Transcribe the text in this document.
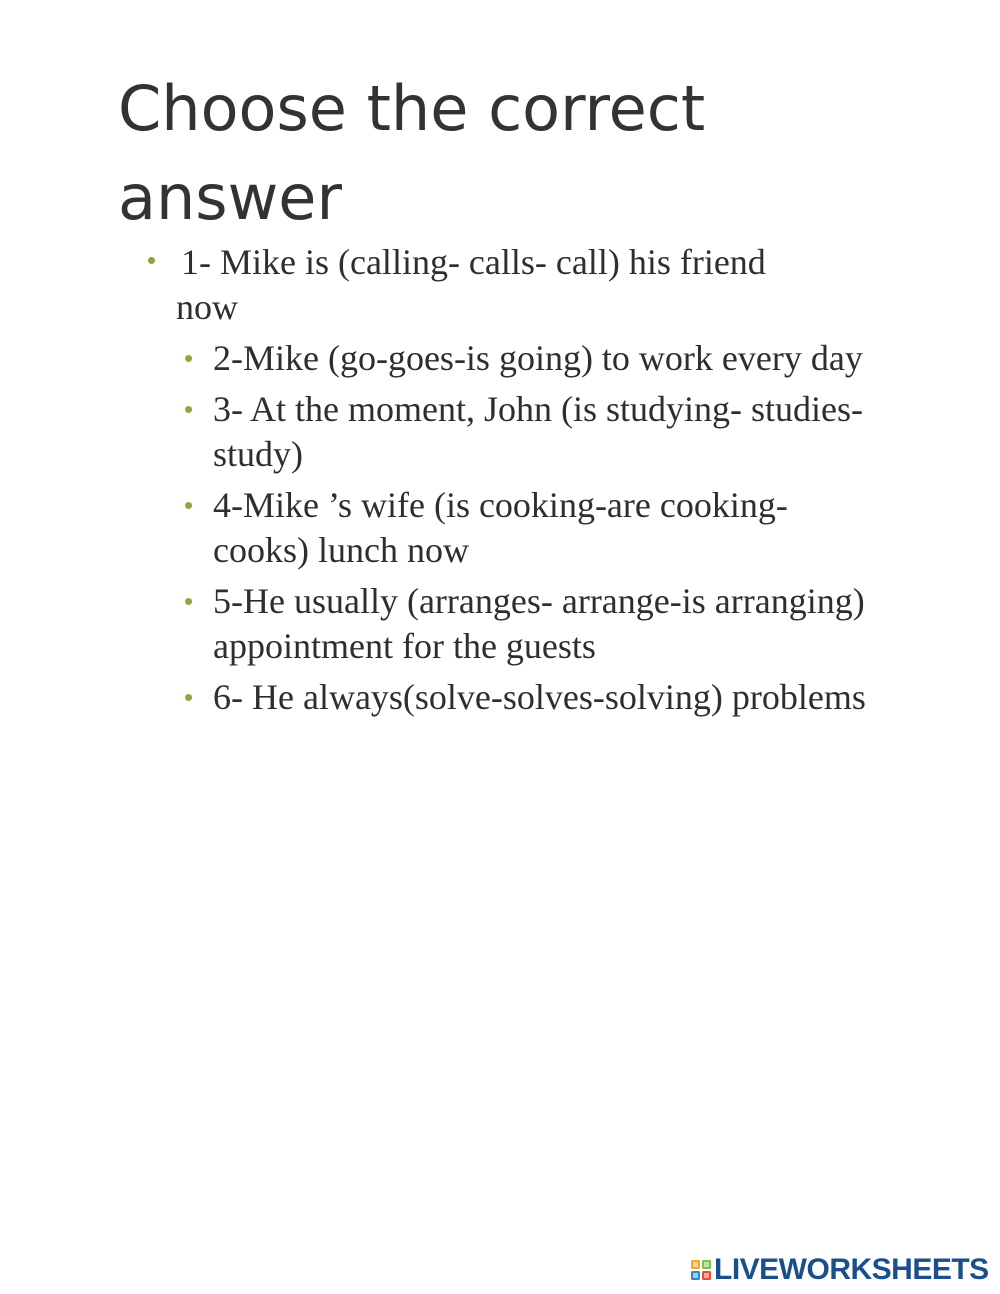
Choose the correct answer
• 1- Mike is (calling- calls- call) his friend now
• 2-Mike (go-goes-is going) to work every day
• 3- At the moment, John (is studying- studies- study)
• 4-Mike ’s wife (is cooking-are cooking-cooks) lunch now
• 5-He usually (arranges- arrange-is arranging) appointment for the guests
• 6- He always(solve-solves-solving) problems
LIVEWORKSHEETS
